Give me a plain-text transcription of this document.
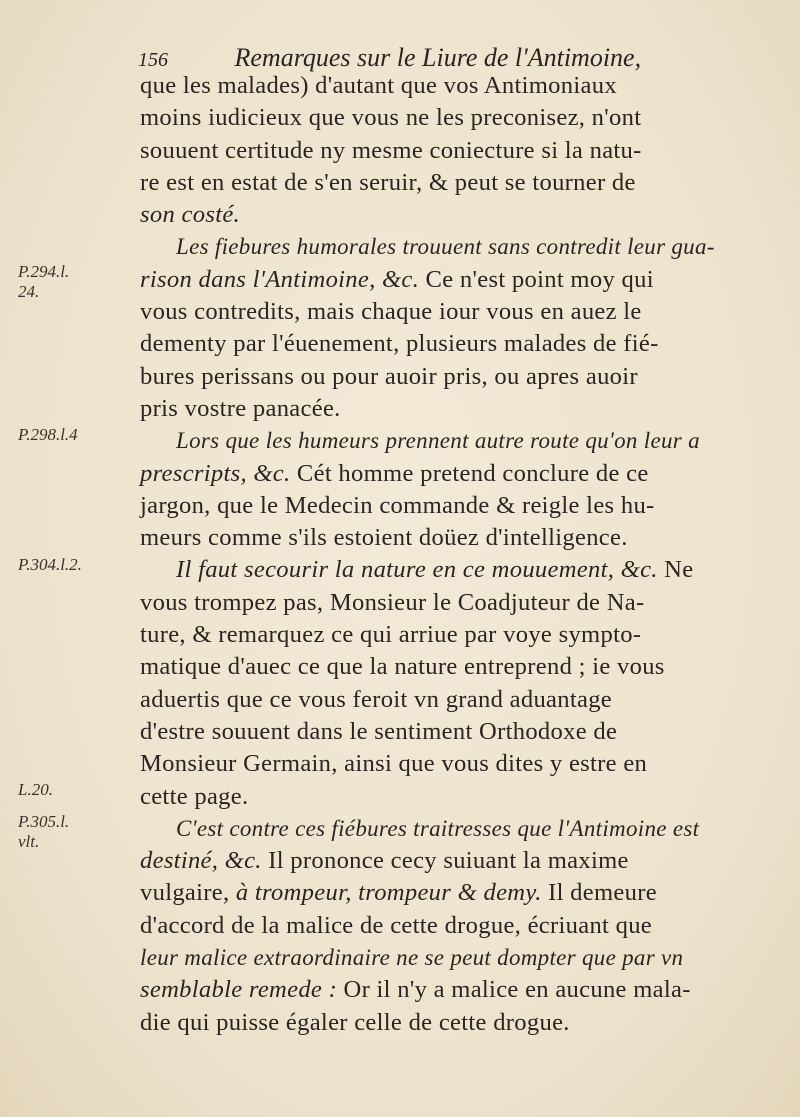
156	Remarques sur le Liure de l'Antimoine,
que les malades) d'autant que vos Antimoniaux
moins iudicieux que vous ne les preconisez, n'ont
souuent certitude ny mesme coniecture si la natu-
re est en estat de s'en seruir, & peut se tourner de
son costé.
Les fiebures humorales trouuent sans contredit leur gua-
rison dans l'Antimoine, &c. Ce n'est point moy qui
vous contredits, mais chaque iour vous en auez le
dementy par l'éuenement, plusieurs malades de fié-
bures perissans ou pour auoir pris, ou apres auoir
pris vostre panacée.
Lors que les humeurs prennent autre route qu'on leur a
prescripts, &c. Cét homme pretend conclure de ce
jargon, que le Medecin commande & reigle les hu-
meurs comme s'ils estoient doüez d'intelligence.
Il faut secourir la nature en ce mouuement, &c. Ne
vous trompez pas, Monsieur le Coadjuteur de Na-
ture, & remarquez ce qui arriue par voye sympto-
matique d'auec ce que la nature entreprend ; ie vous
aduertis que ce vous feroit vn grand aduantage
d'estre souuent dans le sentiment Orthodoxe de
Monsieur Germain, ainsi que vous dites y estre en
cette page.
C'est contre ces fiébures traitresses que l'Antimoine est
destiné, &c. Il prononce cecy suiuant la maxime
vulgaire, à trompeur, trompeur & demy. Il demeure
d'accord de la malice de cette drogue, écriuant que
leur malice extraordinaire ne se peut dompter que par vn
semblable remede : Or il n'y a malice en aucune mala-
die qui puisse égaler celle de cette drogue.
P.294.l.
24.
P.298.l.4
P.304.l.2.
L.20.
P.305.l.
vlt.
